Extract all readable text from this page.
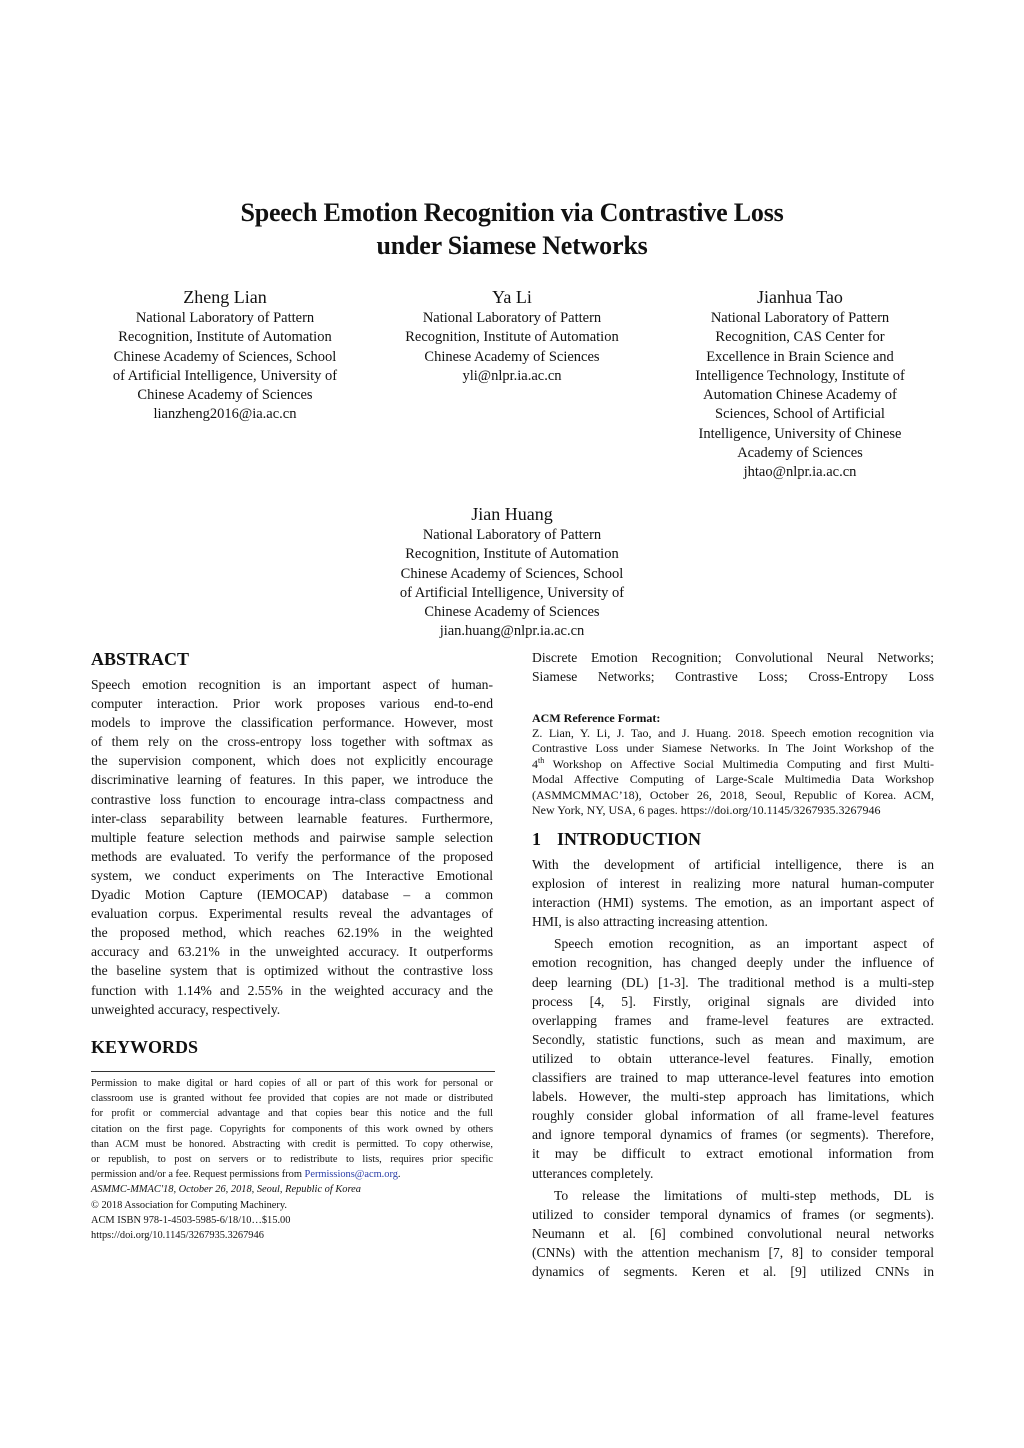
Speech Emotion Recognition via Contrastive Loss
under Siamese Networks
Zheng Lian
National Laboratory of Pattern
Recognition, Institute of Automation
Chinese Academy of Sciences, School
of Artificial Intelligence, University of
Chinese Academy of Sciences
lianzheng2016@ia.ac.cn
Ya Li
National Laboratory of Pattern
Recognition, Institute of Automation
Chinese Academy of Sciences
yli@nlpr.ia.ac.cn
Jianhua Tao
National Laboratory of Pattern
Recognition, CAS Center for
Excellence in Brain Science and
Intelligence Technology, Institute of
Automation Chinese Academy of
Sciences, School of Artificial
Intelligence, University of Chinese
Academy of Sciences
jhtao@nlpr.ia.ac.cn
Jian Huang
National Laboratory of Pattern
Recognition, Institute of Automation
Chinese Academy of Sciences, School
of Artificial Intelligence, University of
Chinese Academy of Sciences
jian.huang@nlpr.ia.ac.cn
ABSTRACT
Speech emotion recognition is an important aspect of human-
computer interaction. Prior work proposes various end-to-end
models to improve the classification performance. However, most
of them rely on the cross-entropy loss together with softmax as
the supervision component, which does not explicitly encourage
discriminative learning of features. In this paper, we introduce the
contrastive loss function to encourage intra-class compactness and
inter-class separability between learnable features. Furthermore,
multiple feature selection methods and pairwise sample selection
methods are evaluated. To verify the performance of the proposed
system, we conduct experiments on The Interactive Emotional
Dyadic Motion Capture (IEMOCAP) database – a common
evaluation corpus. Experimental results reveal the advantages of
the proposed method, which reaches 62.19% in the weighted
accuracy and 63.21% in the unweighted accuracy. It outperforms
the baseline system that is optimized without the contrastive loss
function with 1.14% and 2.55% in the weighted accuracy and the
unweighted accuracy, respectively.
KEYWORDS
Permission to make digital or hard copies of all or part of this work for personal or
classroom use is granted without fee provided that copies are not made or distributed
for profit or commercial advantage and that copies bear this notice and the full
citation on the first page. Copyrights for components of this work owned by others
than ACM must be honored. Abstracting with credit is permitted. To copy otherwise,
or republish, to post on servers or to redistribute to lists, requires prior specific
permission and/or a fee. Request permissions from Permissions@acm.org.
ASMMC-MMAC'18, October 26, 2018, Seoul, Republic of Korea
© 2018 Association for Computing Machinery.
ACM ISBN 978-1-4503-5985-6/18/10…$15.00
https://doi.org/10.1145/3267935.3267946
Discrete Emotion Recognition; Convolutional Neural Networks;
Siamese Networks; Contrastive Loss; Cross-Entropy Loss
ACM Reference Format:
Z. Lian, Y. Li, J. Tao, and J. Huang. 2018. Speech emotion recognition via
Contrastive Loss under Siamese Networks. In The Joint Workshop of the
4th Workshop on Affective Social Multimedia Computing and first Multi-
Modal Affective Computing of Large-Scale Multimedia Data Workshop
(ASMMCMMAC’18), October 26, 2018, Seoul, Republic of Korea. ACM,
New York, NY, USA, 6 pages. https://doi.org/10.1145/3267935.3267946
1 INTRODUCTION
With the development of artificial intelligence, there is an
explosion of interest in realizing more natural human-computer
interaction (HMI) systems. The emotion, as an important aspect of
HMI, is also attracting increasing attention.
Speech emotion recognition, as an important aspect of
emotion recognition, has changed deeply under the influence of
deep learning (DL) [1-3]. The traditional method is a multi-step
process [4, 5]. Firstly, original signals are divided into
overlapping frames and frame-level features are extracted.
Secondly, statistic functions, such as mean and maximum, are
utilized to obtain utterance-level features. Finally, emotion
classifiers are trained to map utterance-level features into emotion
labels. However, the multi-step approach has limitations, which
roughly consider global information of all frame-level features
and ignore temporal dynamics of frames (or segments). Therefore,
it may be difficult to extract emotional information from
utterances completely.
To release the limitations of multi-step methods, DL is
utilized to consider temporal dynamics of frames (or segments).
Neumann et al. [6] combined convolutional neural networks
(CNNs) with the attention mechanism [7, 8] to consider temporal
dynamics of segments. Keren et al. [9] utilized CNNs in
